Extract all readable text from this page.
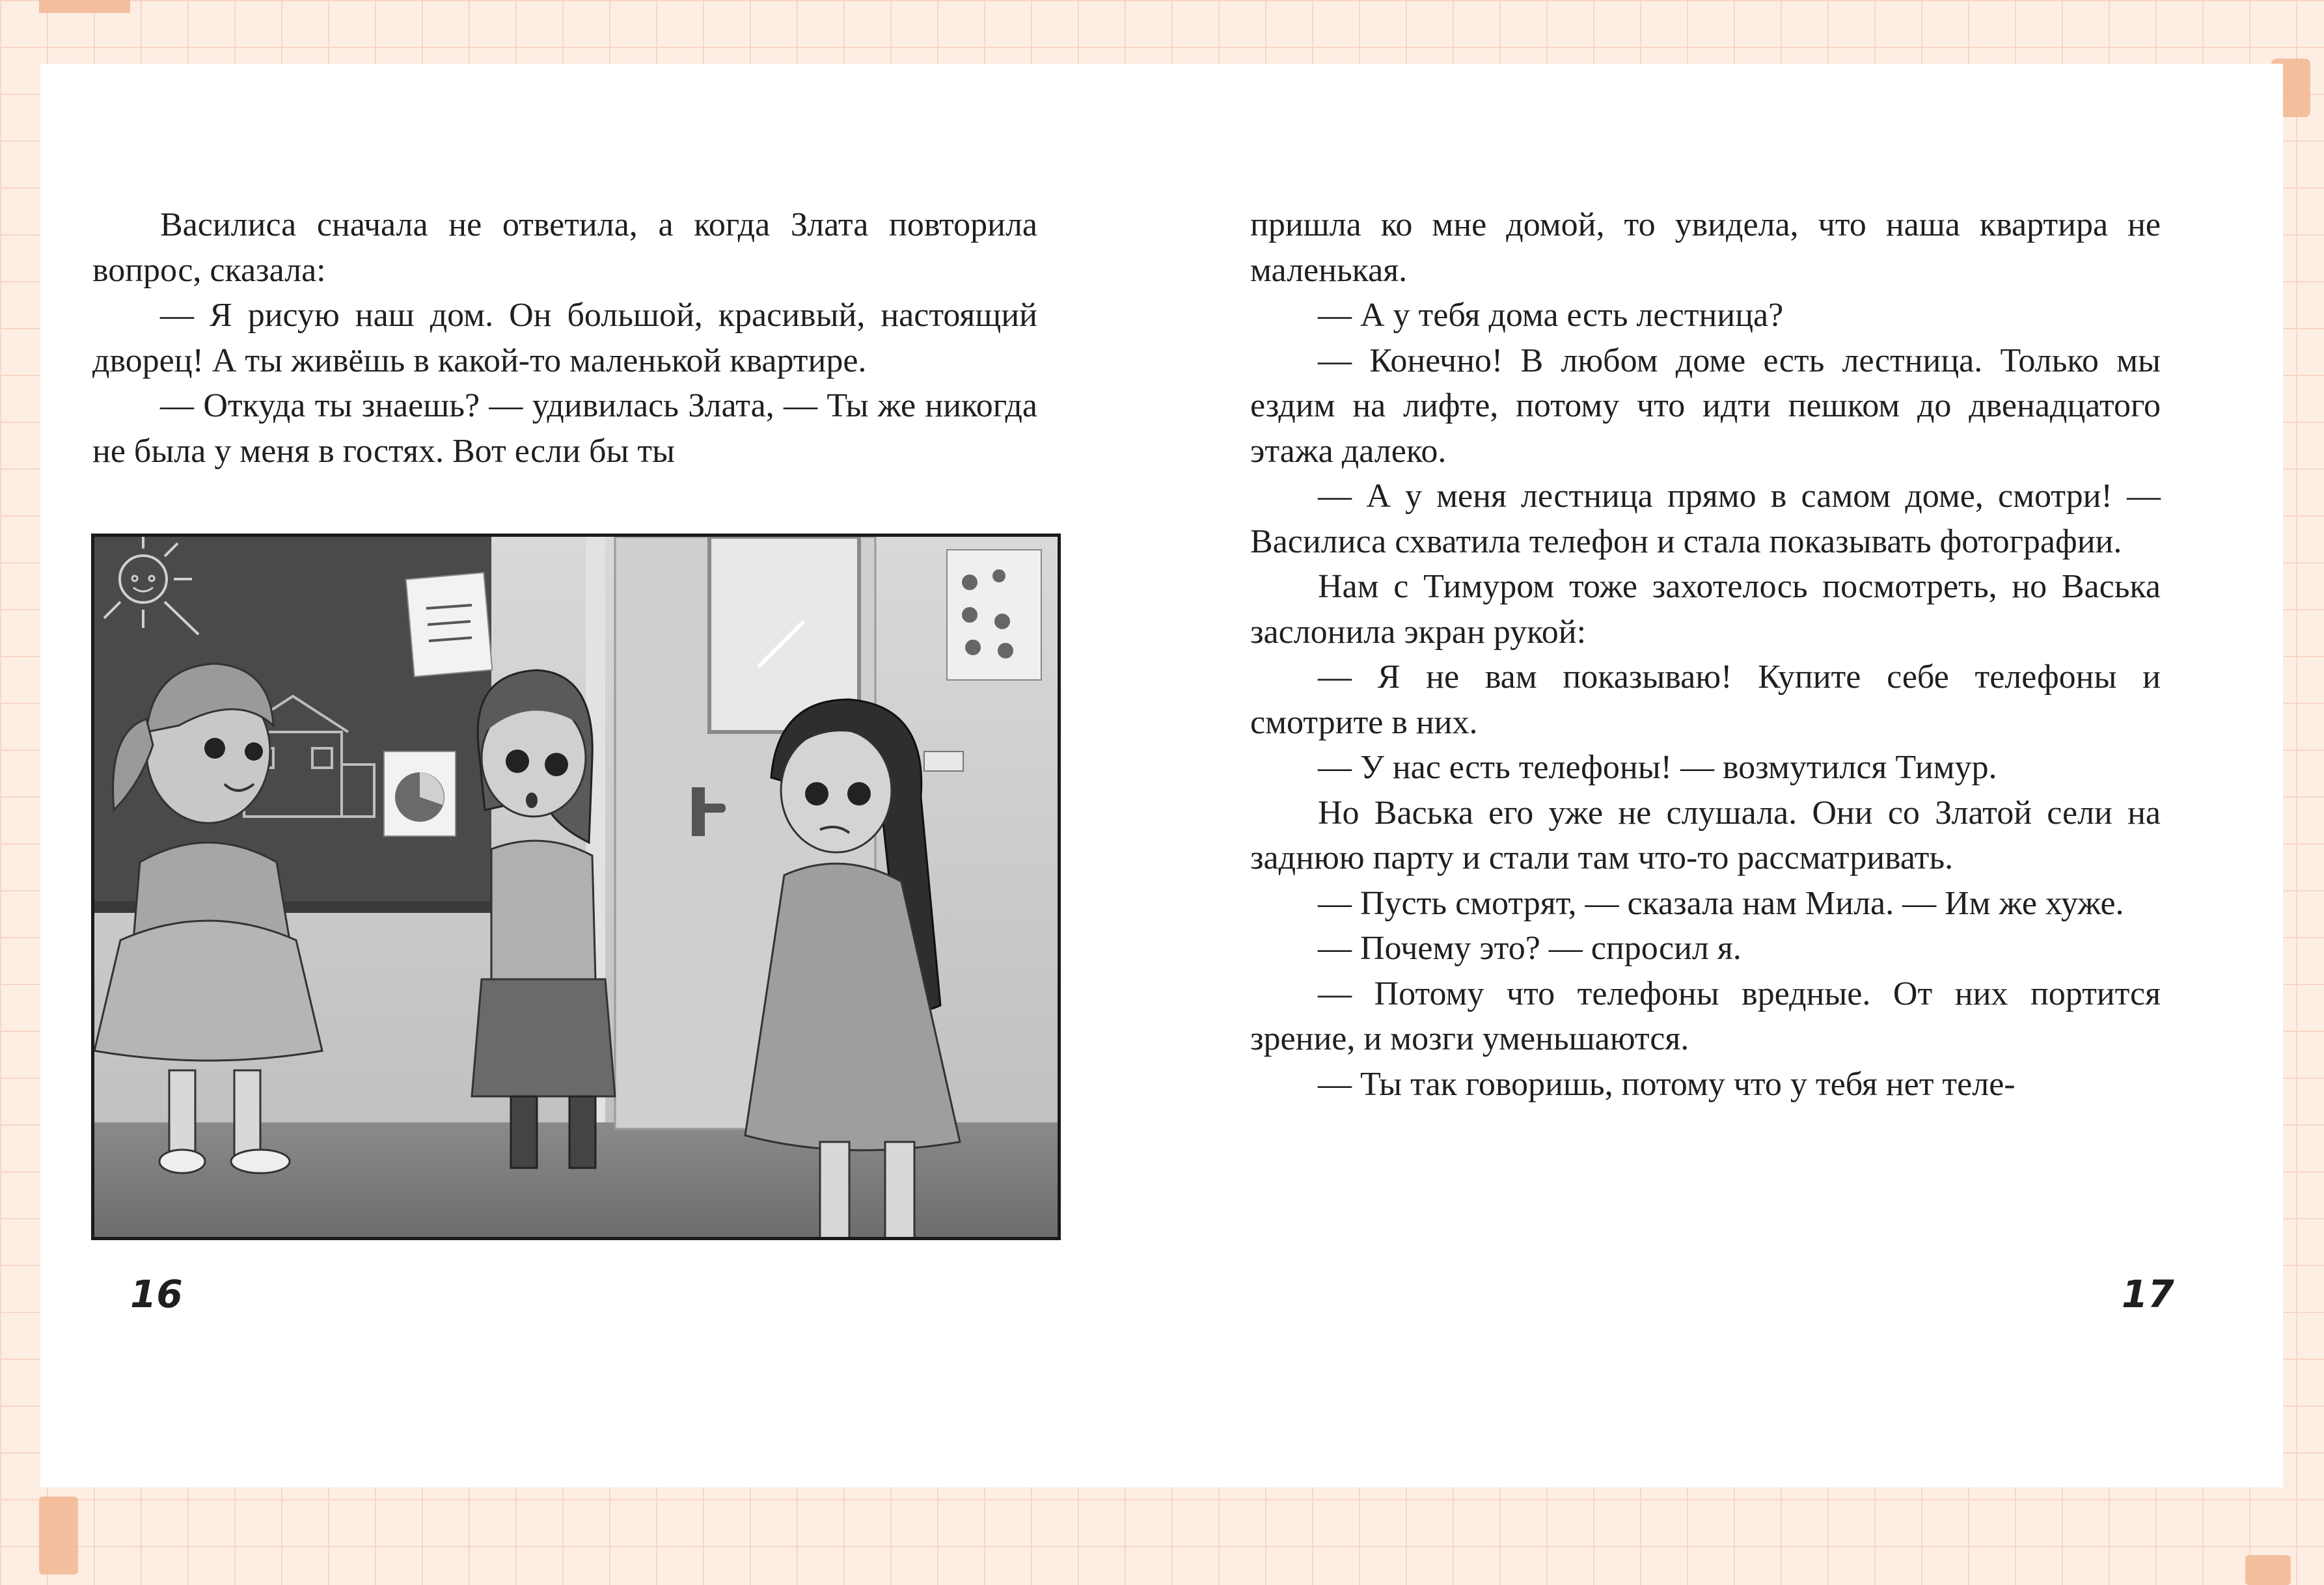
Василиса сначала не ответила, а когда Злата повторила вопрос, сказала:

— Я рисую наш дом. Он большой, красивый, настоящий дворец! А ты живёшь в какой-то маленькой квартире.

— Откуда ты знаешь? — удивилась Злата, — Ты же никогда не была у меня в гостях. Вот если бы ты

16

пришла ко мне домой, то увидела, что наша квартира не маленькая.

— А у тебя дома есть лестница?

— Конечно! В любом доме есть лестница. Только мы ездим на лифте, потому что идти пешком до двенадцатого этажа далеко.

— А у меня лестница прямо в самом доме, смотри! — Василиса схватила телефон и стала показывать фотографии.

Нам с Тимуром тоже захотелось посмотреть, но Васька заслонила экран рукой:

— Я не вам показываю! Купите себе телефоны и смотрите в них.

— У нас есть телефоны! — возмутился Тимур.

Но Васька его уже не слушала. Они со Златой сели на заднюю парту и стали там что-то рассматривать.

— Пусть смотрят, — сказала нам Мила. — Им же хуже.

— Почему это? — спросил я.

— Потому что телефоны вредные. От них портится зрение, и мозги уменьшаются.

— Ты так говоришь, потому что у тебя нет теле-

17
